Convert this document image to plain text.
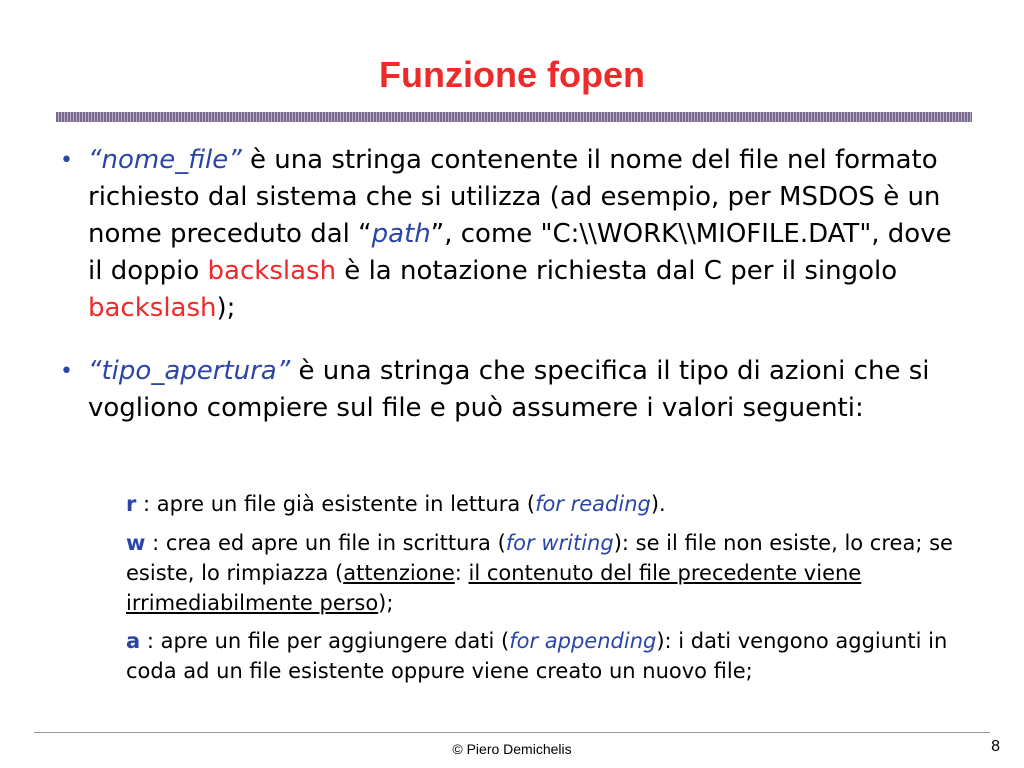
Funzione fopen
• “nome_file” è una stringa contenente il nome del file nel formato richiesto dal sistema che si utilizza (ad esempio, per MSDOS è un nome preceduto dal “path”, come "C:\\WORK\\MIOFILE.DAT", dove il doppio backslash è la notazione richiesta dal C per il singolo backslash);
• “tipo_apertura” è una stringa che specifica il tipo di azioni che si vogliono compiere sul file e può assumere i valori seguenti:
r : apre un file già esistente in lettura (for reading).
w : crea ed apre un file in scrittura (for writing): se il file non esiste, lo crea; se esiste, lo rimpiazza (attenzione: il contenuto del file precedente viene irrimediabilmente perso);
a : apre un file per aggiungere dati (for appending): i dati vengono aggiunti in coda ad un file esistente oppure viene creato un nuovo file;
© Piero Demichelis	8
